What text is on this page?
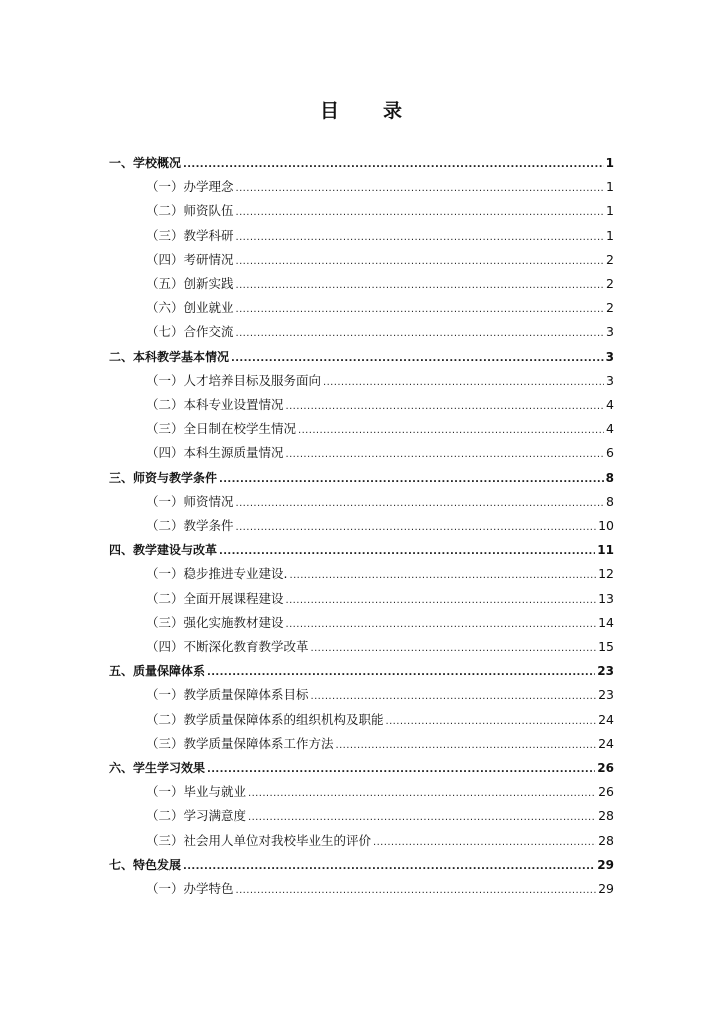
目 录
一、学校概况 .....	1
（一）办学理念 .....	1
（二）师资队伍 .....	1
（三）教学科研 .....	1
（四）考研情况 .....	2
（五）创新实践 .....	2
（六）创业就业 .....	2
（七）合作交流 .....	3
二、本科教学基本情况 .....	3
（一）人才培养目标及服务面向 .....	3
（二）本科专业设置情况 .....	4
（三）全日制在校学生情况 .....	4
（四）本科生源质量情况 .....	6
三、师资与教学条件 .....	8
（一）师资情况 .....	8
（二）教学条件 .....	10
四、教学建设与改革 .....	11
（一）稳步推进专业建设. .....	12
（二）全面开展课程建设 .....	13
（三）强化实施教材建设 .....	14
（四）不断深化教育教学改革 .....	15
五、质量保障体系 .....	23
（一）教学质量保障体系目标 .....	23
（二）教学质量保障体系的组织机构及职能 .....	24
（三）教学质量保障体系工作方法 .....	24
六、学生学习效果 .....	26
（一）毕业与就业 .....	26
（二）学习满意度 .....	28
（三）社会用人单位对我校毕业生的评价 .....	28
七、特色发展 .....	29
（一）办学特色 .....	29
